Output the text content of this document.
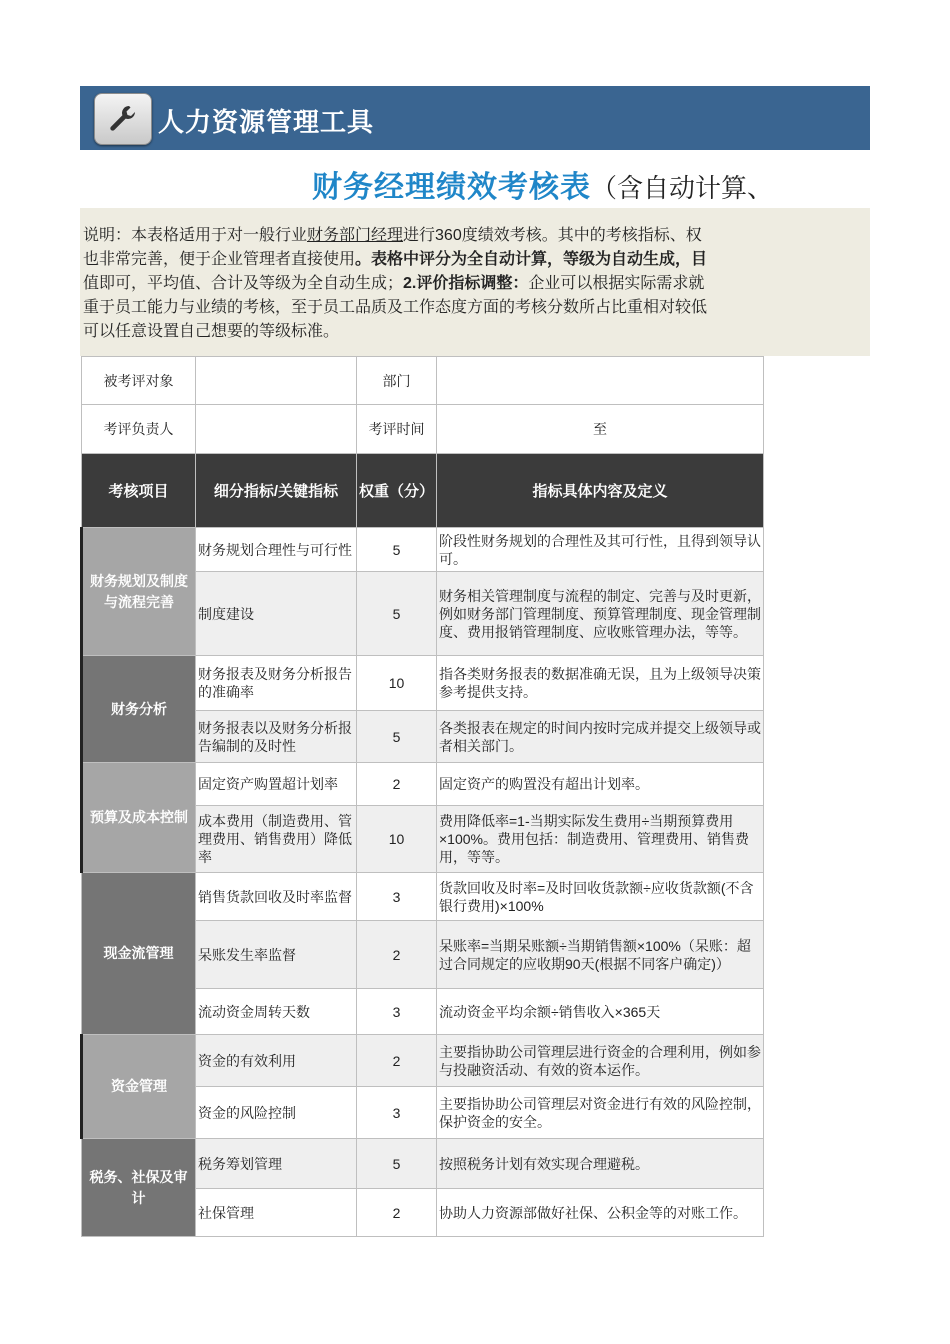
人力资源管理工具
财务经理绩效考核表（含自动计算、
说明：本表格适用于对一般行业财务部门经理进行360度绩效考核。其中的考核指标、权
也非常完善，便于企业管理者直接使用。表格中评分为全自动计算，等级为自动生成，目
值即可，平均值、合计及等级为全自动生成；2.评价指标调整：企业可以根据实际需求就
重于员工能力与业绩的考核，至于员工品质及工作态度方面的考核分数所占比重相对较低
可以任意设置自己想要的等级标准。
被考评对象		部门	
考评负责人		考评时间	至
考核项目	细分指标/关键指标	权重（分）	指标具体内容及定义
财务规划及制度与流程完善	财务规划合理性与可行性	5	阶段性财务规划的合理性及其可行性，且得到领导认可。
	制度建设	5	财务相关管理制度与流程的制定、完善与及时更新，例如财务部门管理制度、预算管理制度、现金管理制度、费用报销管理制度、应收账管理办法，等等。
财务分析	财务报表及财务分析报告的准确率	10	指各类财务报表的数据准确无误，且为上级领导决策参考提供支持。
	财务报表以及财务分析报告编制的及时性	5	各类报表在规定的时间内按时完成并提交上级领导或者相关部门。
预算及成本控制	固定资产购置超计划率	2	固定资产的购置没有超出计划率。
	成本费用（制造费用、管理费用、销售费用）降低率	10	费用降低率=1-当期实际发生费用÷当期预算费用×100%。费用包括：制造费用、管理费用、销售费用，等等。
现金流管理	销售货款回收及时率监督	3	货款回收及时率=及时回收货款额÷应收货款额(不含银行费用)×100%
	呆账发生率监督	2	呆账率=当期呆账额÷当期销售额×100%（呆账：超过合同规定的应收期90天(根据不同客户确定)）
	流动资金周转天数	3	流动资金平均余额÷销售收入×365天
资金管理	资金的有效利用	2	主要指协助公司管理层进行资金的合理利用，例如参与投融资活动、有效的资本运作。
	资金的风险控制	3	主要指协助公司管理层对资金进行有效的风险控制，保护资金的安全。
税务、社保及审计	税务筹划管理	5	按照税务计划有效实现合理避税。
	社保管理	2	协助人力资源部做好社保、公积金等的对账工作。
